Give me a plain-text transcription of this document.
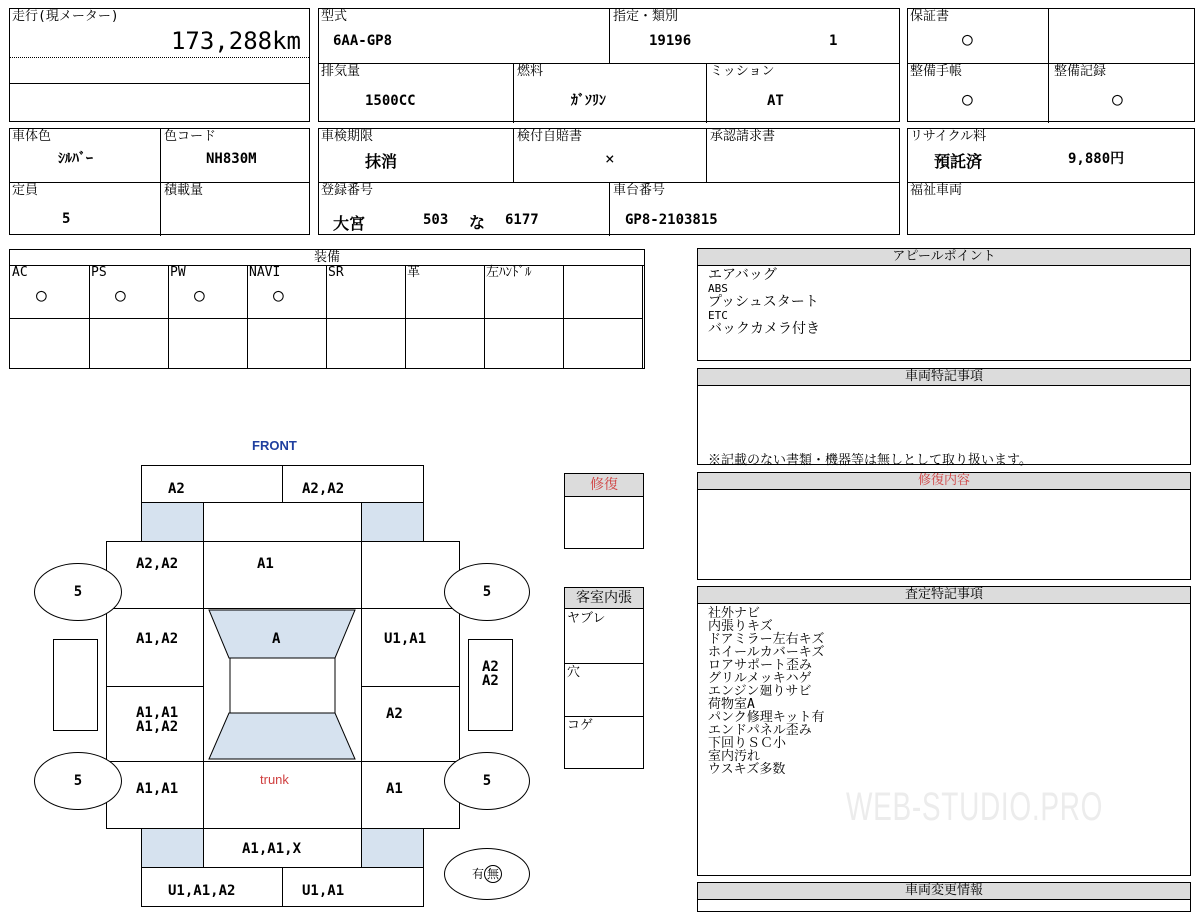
走行(現メーター)
173,288km
型式
6AA-GP8
指定・類別
19196	1
排気量
1500CC
燃料
ｶﾞｿﾘﾝ
ミッション
AT
保証書
○
整備手帳
○
整備記録
○
車体色
ｼﾙﾊﾞｰ
色コード
NH830M
定員
5
積載量
車検期限
抹消
検付自賠書
×
承認請求書
登録番号
大宮	503 な 6177
車台番号
GP8-2103815
リサイクル料
預託済	9,880円
福祉車両
装備
AC
○
PS
○
PW
○
NAVI
○
SR	革	左ﾊﾝﾄﾞﾙ
アピールポイント
エアバッグ
ABS
プッシュスタート
ETC
バックカメラ付き
車両特記事項
※記載のない書類・機器等は無しとして取り扱います。
修復内容
査定特記事項
社外ナビ
内張りキズ
ドアミラー左右キズ
ホイールカバーキズ
ロアサポート歪み
グリルメッキハゲ
エンジン廻りサビ
荷物室A
パンク修理キット有
エンドパネル歪み
下回りＳＣ小
室内汚れ
ウスキズ多数
WEB-STUDIO.PRO
車両変更情報
修復
客室内張
ヤブレ
穴
コゲ
FRONT
A2	A2,A2
A2,A2	A1
A1,A2	A	U1,A1
A1,A1
A1,A2
A2
A1,A1
trunk
A1
A2
A2
A1,A1,X
U1,A1,A2	U1,A1
5	5
5	5
有 無
